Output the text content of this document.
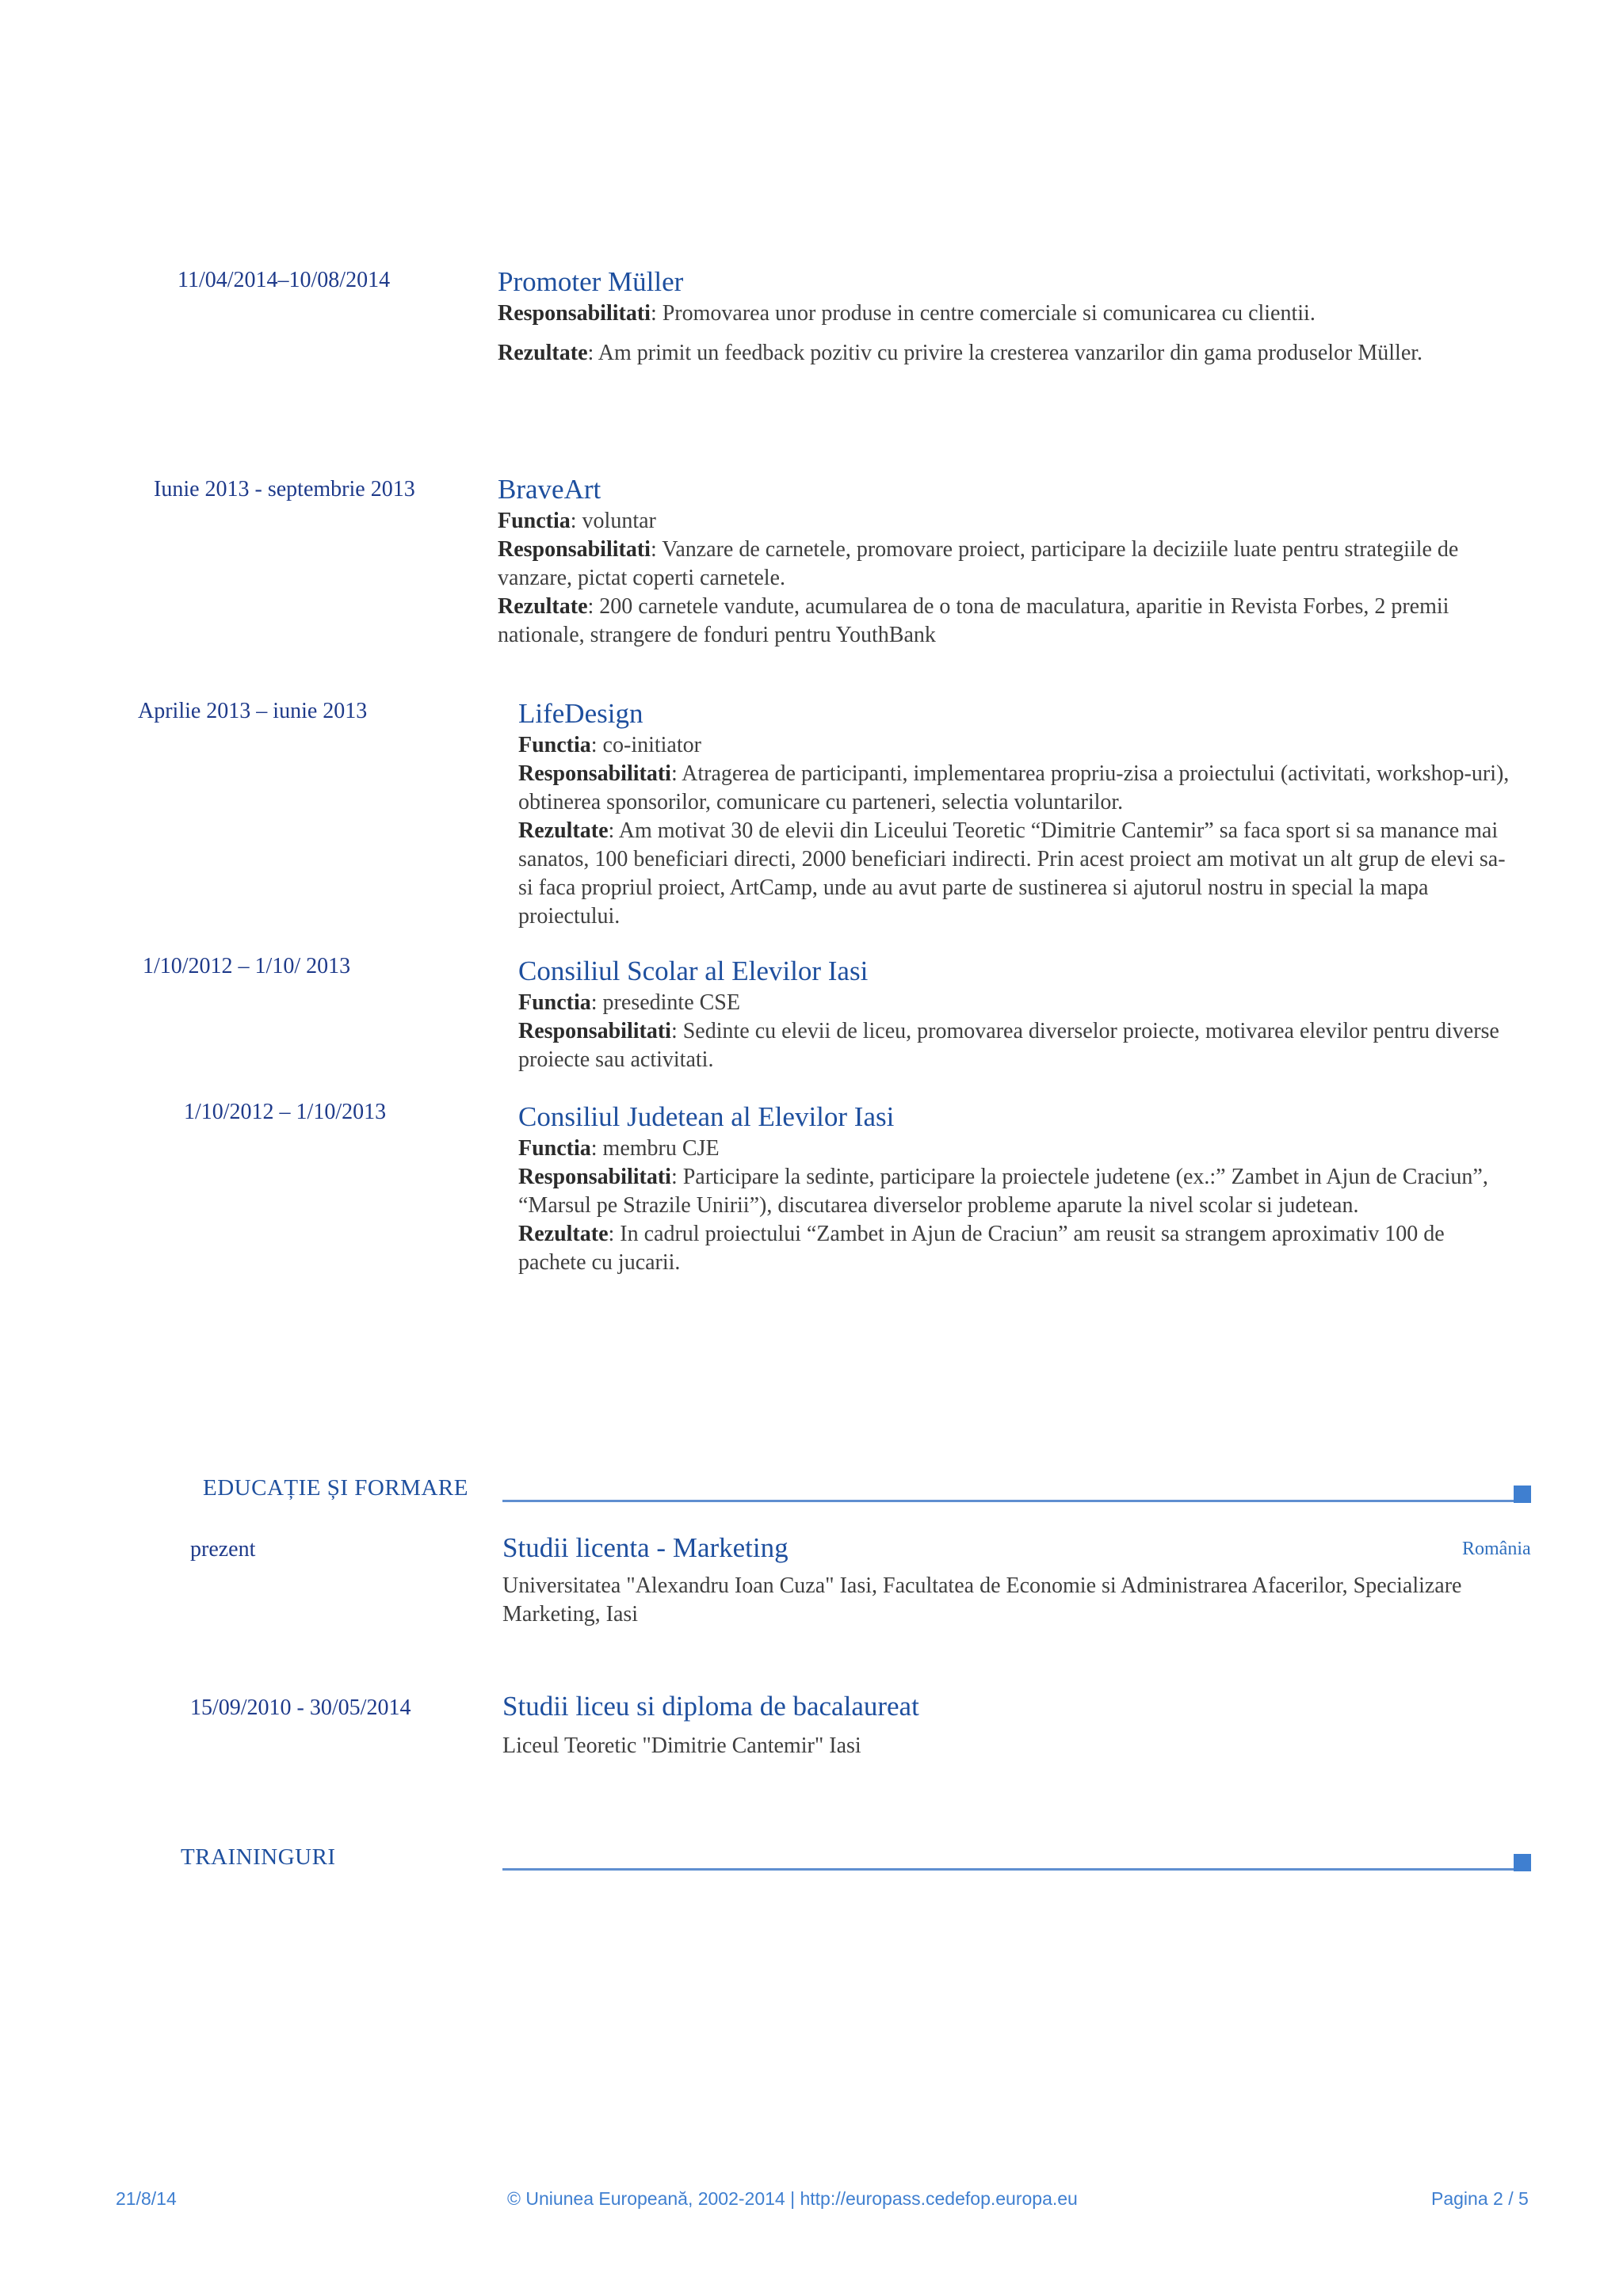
11/04/2014–10/08/2014	Promoter Müller
Responsabilitati: Promovarea unor produse in centre comerciale si comunicarea cu clientii.
Rezultate: Am primit un feedback pozitiv cu privire la cresterea vanzarilor din gama produselor Müller.
Iunie 2013 - septembrie 2013	BraveArt
Functia: voluntar
Responsabilitati: Vanzare de carnetele, promovare proiect, participare la deciziile luate pentru strategiile de vanzare, pictat coperti carnetele.
Rezultate: 200 carnetele vandute, acumularea de o tona de maculatura, aparitie in Revista Forbes, 2 premii nationale, strangere de fonduri pentru YouthBank
Aprilie 2013 – iunie 2013	LifeDesign
Functia: co-initiator
Responsabilitati: Atragerea de participanti, implementarea propriu-zisa a proiectului (activitati, workshop-uri), obtinerea sponsorilor, comunicare cu parteneri, selectia voluntarilor.
Rezultate: Am motivat 30 de elevii din Liceului Teoretic “Dimitrie Cantemir” sa faca sport si sa manance mai sanatos, 100 beneficiari directi, 2000 beneficiari indirecti. Prin acest proiect am motivat un alt grup de elevi sa-si faca propriul proiect, ArtCamp, unde au avut parte de sustinerea si ajutorul nostru in special la mapa proiectului.
1/10/2012 – 1/10/ 2013	Consiliul Scolar al Elevilor Iasi
Functia: presedinte CSE
Responsabilitati: Sedinte cu elevii de liceu, promovarea diverselor proiecte, motivarea elevilor pentru diverse proiecte sau activitati.
1/10/2012 – 1/10/2013	Consiliul Judetean al Elevilor Iasi
Functia: membru CJE
Responsabilitati: Participare la sedinte, participare la proiectele judetene (ex.:” Zambet in Ajun de Craciun”, “Marsul pe Strazile Unirii”), discutarea diverselor probleme aparute la nivel scolar si judetean.
Rezultate: In cadrul proiectului “Zambet in Ajun de Craciun” am reusit sa strangem aproximativ 100 de pachete cu jucarii.
EDUCAȚIE ȘI FORMARE
prezent	Studii licenta - Marketing	România
Universitatea "Alexandru Ioan Cuza" Iasi, Facultatea de Economie si Administrarea Afacerilor, Specializare Marketing, Iasi
15/09/2010 - 30/05/2014	Studii liceu si diploma de bacalaureat
Liceul Teoretic "Dimitrie Cantemir" Iasi
TRAININGURI
21/8/14	© Uniunea Europeană, 2002-2014 | http://europass.cedefop.europa.eu	Pagina 2 / 5
